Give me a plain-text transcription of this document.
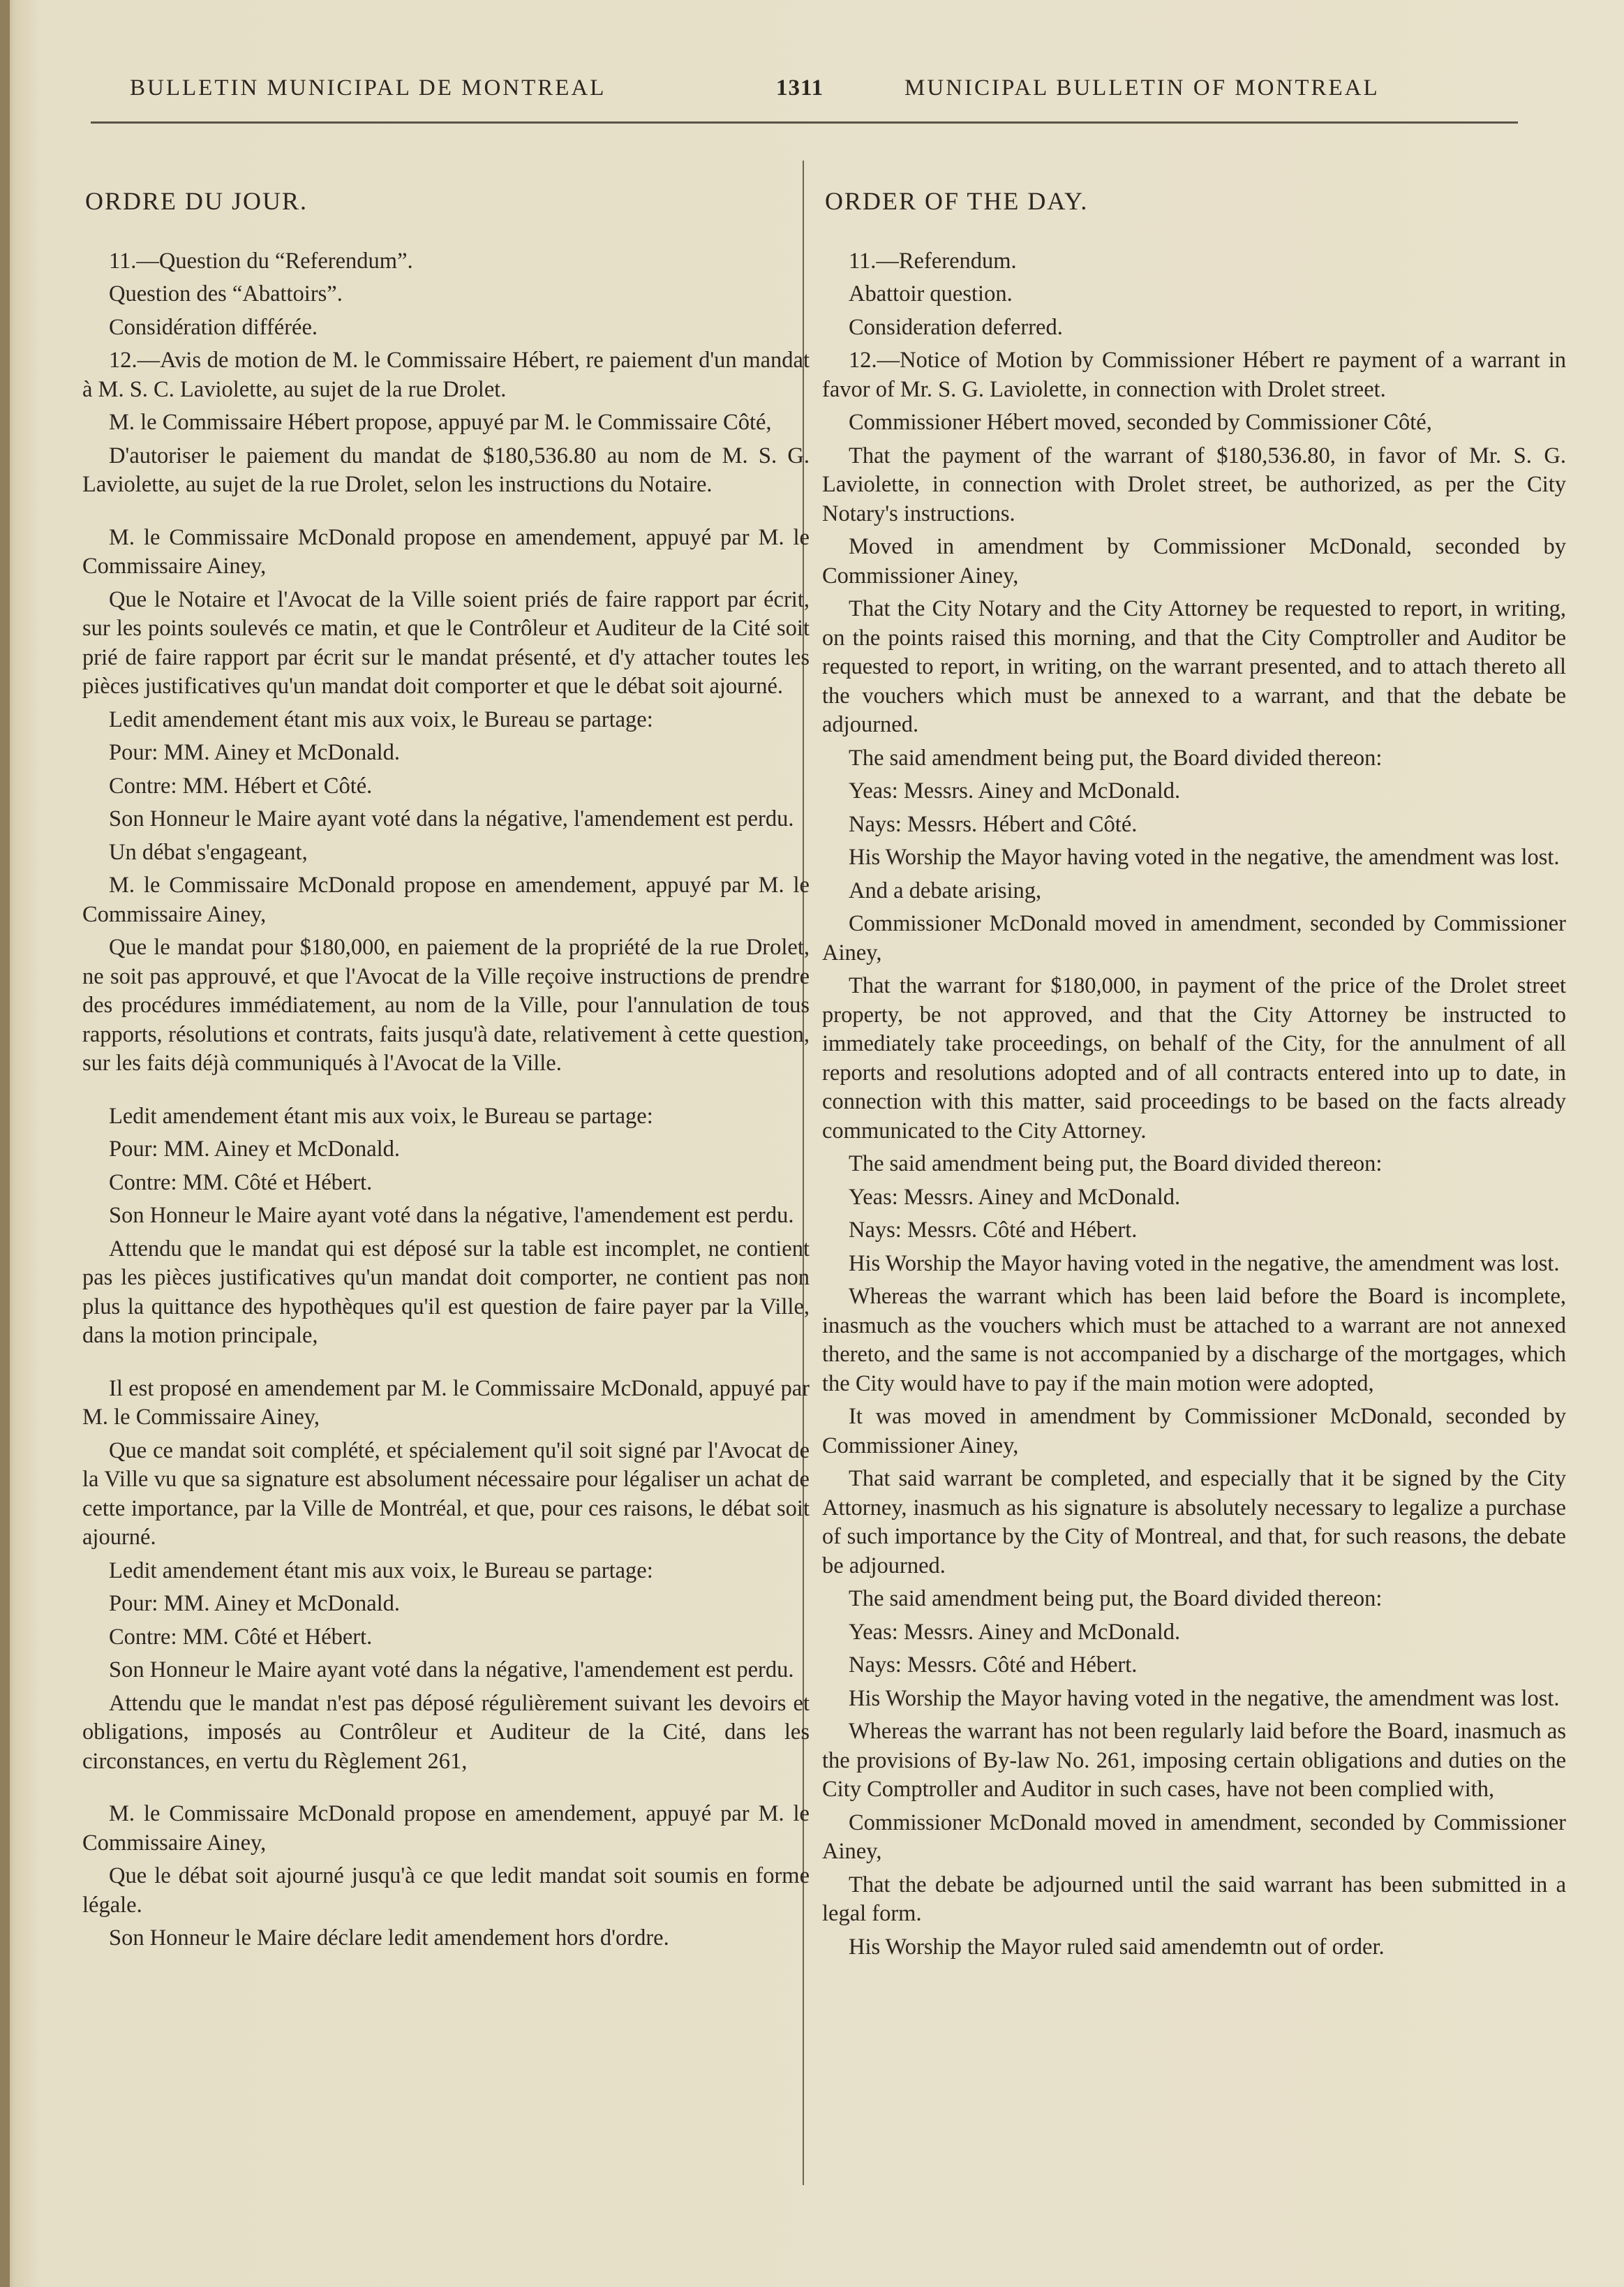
BULLETIN MUNICIPAL DE MONTREAL	1311	MUNICIPAL BULLETIN OF MONTREAL
ORDRE DU JOUR.

11.—Question du “Referendum”.

Question des “Abattoirs”.

Considération différée.

12.—Avis de motion de M. le Commissaire Hébert, re paiement d'un mandat à M. S. C. Laviolette, au sujet de la rue Drolet.

M. le Commissaire Hébert propose, appuyé par M. le Commissaire Côté,

D'autoriser le paiement du mandat de $180,536.80 au nom de M. S. G. Laviolette, au sujet de la rue Drolet, selon les instructions du Notaire.

M. le Commissaire McDonald propose en amendement, appuyé par M. le Commissaire Ainey,

Que le Notaire et l'Avocat de la Ville soient priés de faire rapport par écrit, sur les points soulevés ce matin, et que le Contrôleur et Auditeur de la Cité soit prié de faire rapport par écrit sur le mandat présenté, et d'y attacher toutes les pièces justificatives qu'un mandat doit comporter et que le débat soit ajourné.

Ledit amendement étant mis aux voix, le Bureau se partage:

Pour: MM. Ainey et McDonald.

Contre: MM. Hébert et Côté.

Son Honneur le Maire ayant voté dans la négative, l'amendement est perdu.

Un débat s'engageant,

M. le Commissaire McDonald propose en amendement, appuyé par M. le Commissaire Ainey,

Que le mandat pour $180,000, en paiement de la propriété de la rue Drolet, ne soit pas approuvé, et que l'Avocat de la Ville reçoive instructions de prendre des procédures immédiatement, au nom de la Ville, pour l'annulation de tous rapports, résolutions et contrats, faits jusqu'à date, relativement à cette question, sur les faits déjà communiqués à l'Avocat de la Ville.

Ledit amendement étant mis aux voix, le Bureau se partage:

Pour: MM. Ainey et McDonald.

Contre: MM. Côté et Hébert.

Son Honneur le Maire ayant voté dans la négative, l'amendement est perdu.

Attendu que le mandat qui est déposé sur la table est incomplet, ne contient pas les pièces justificatives qu'un mandat doit comporter, ne contient pas non plus la quittance des hypothèques qu'il est question de faire payer par la Ville, dans la motion principale,

Il est proposé en amendement par M. le Commissaire McDonald, appuyé par M. le Commissaire Ainey,

Que ce mandat soit complété, et spécialement qu'il soit signé par l'Avocat de la Ville vu que sa signature est absolument nécessaire pour légaliser un achat de cette importance, par la Ville de Montréal, et que, pour ces raisons, le débat soit ajourné.

Ledit amendement étant mis aux voix, le Bureau se partage:

Pour: MM. Ainey et McDonald.

Contre: MM. Côté et Hébert.

Son Honneur le Maire ayant voté dans la négative, l'amendement est perdu.

Attendu que le mandat n'est pas déposé régulièrement suivant les devoirs et obligations, imposés au Contrôleur et Auditeur de la Cité, dans les circonstances, en vertu du Règlement 261,

M. le Commissaire McDonald propose en amendement, appuyé par M. le Commissaire Ainey,

Que le débat soit ajourné jusqu'à ce que ledit mandat soit soumis en forme légale.

Son Honneur le Maire déclare ledit amendement hors d'ordre.

ORDER OF THE DAY.

11.—Referendum.

Abattoir question.

Consideration deferred.

12.—Notice of Motion by Commissioner Hébert re payment of a warrant in favor of Mr. S. G. Laviolette, in connection with Drolet street.

Commissioner Hébert moved, seconded by Commissioner Côté,

That the payment of the warrant of $180,536.80, in favor of Mr. S. G. Laviolette, in connection with Drolet street, be authorized, as per the City Notary's instructions.

Moved in amendment by Commissioner McDonald, seconded by Commissioner Ainey,

That the City Notary and the City Attorney be requested to report, in writing, on the points raised this morning, and that the City Comptroller and Auditor be requested to report, in writing, on the warrant presented, and to attach thereto all the vouchers which must be annexed to a warrant, and that the debate be adjourned.

The said amendment being put, the Board divided thereon:

Yeas: Messrs. Ainey and McDonald.

Nays: Messrs. Hébert and Côté.

His Worship the Mayor having voted in the negative, the amendment was lost.

And a debate arising,

Commissioner McDonald moved in amendment, seconded by Commissioner Ainey,

That the warrant for $180,000, in payment of the price of the Drolet street property, be not approved, and that the City Attorney be instructed to immediately take proceedings, on behalf of the City, for the annulment of all reports and resolutions adopted and of all contracts entered into up to date, in connection with this matter, said proceedings to be based on the facts already communicated to the City Attorney.

The said amendment being put, the Board divided thereon:

Yeas: Messrs. Ainey and McDonald.

Nays: Messrs. Côté and Hébert.

His Worship the Mayor having voted in the negative, the amendment was lost.

Whereas the warrant which has been laid before the Board is incomplete, inasmuch as the vouchers which must be attached to a warrant are not annexed thereto, and the same is not accompanied by a discharge of the mortgages, which the City would have to pay if the main motion were adopted,

It was moved in amendment by Commissioner McDonald, seconded by Commissioner Ainey,

That said warrant be completed, and especially that it be signed by the City Attorney, inasmuch as his signature is absolutely necessary to legalize a purchase of such importance by the City of Montreal, and that, for such reasons, the debate be adjourned.

The said amendment being put, the Board divided thereon:

Yeas: Messrs. Ainey and McDonald.

Nays: Messrs. Côté and Hébert.

His Worship the Mayor having voted in the negative, the amendment was lost.

Whereas the warrant has not been regularly laid before the Board, inasmuch as the provisions of By-law No. 261, imposing certain obligations and duties on the City Comptroller and Auditor in such cases, have not been complied with,

Commissioner McDonald moved in amendment, seconded by Commissioner Ainey,

That the debate be adjourned until the said warrant has been submitted in a legal form.

His Worship the Mayor ruled said amendemtn out of order.
